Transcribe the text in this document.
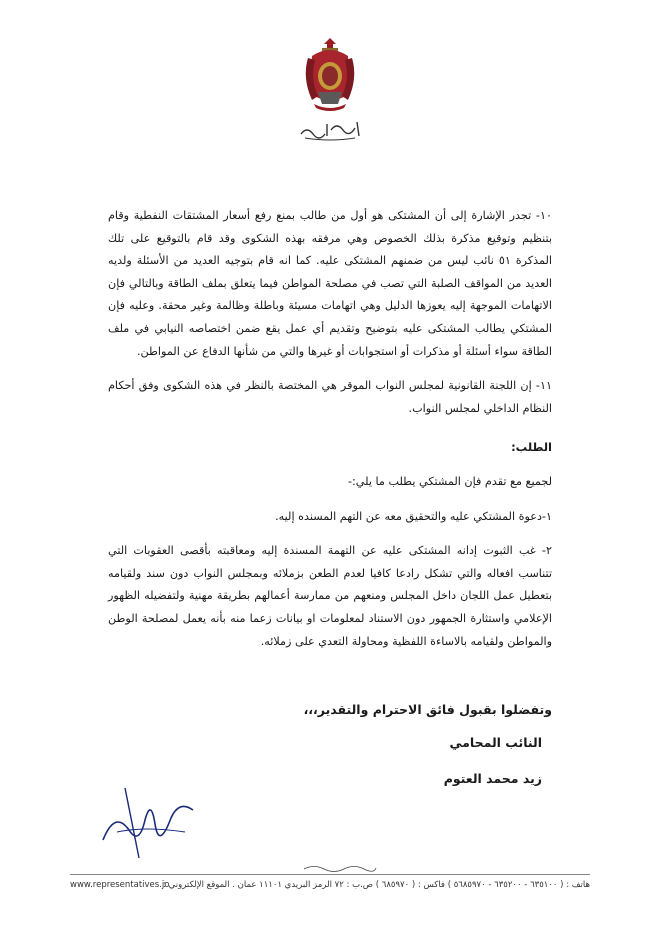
١٠- تجدر الإشارة إلى أن المشتكى هو أول من طالب بمنع رفع أسعار المشتقات النفطية وقام بتنظيم وتوقيع مذكرة بذلك الخصوص وهي مرفقه بهذه الشكوى وقد قام بالتوقيع على تلك المذكرة ٥١ نائب ليس من ضمنهم المشتكى عليه. كما انه قام بتوجيه العديد من الأسئلة ولديه العديد من المواقف الصلبة التي تصب في مصلحة المواطن فيما يتعلق بملف الطاقة وبالتالي فإن الاتهامات الموجهة إليه يعوزها الدليل وهي اتهامات مسيئة وباطلة وظالمة وغير محقة. وعليه فإن المشتكي يطالب المشتكى عليه بتوضيح وتقديم أي عمل يقع ضمن اختصاصه النيابي في ملف الطاقة سواء أسئلة أو مذكرات أو استجوابات أو غيرها والتي من شأنها الدفاع عن المواطن.

١١- إن اللجنة القانونية لمجلس النواب الموقر هي المختصة بالنظر في هذه الشكوى وفق أحكام النظام الداخلي لمجلس النواب.

الطلب:

لجميع مع تقدم فإن المشتكي يطلب ما يلي:-

١-دعوة المشتكي عليه والتحقيق معه عن التهم المسنده إليه.

٢- غب الثبوت إدانه المشتكى عليه عن التهمة المسندة إليه ومعاقبته بأقصى العقوبات التي تتناسب افعاله والتي تشكل رادعا كافيا لعدم الطعن بزملائه وبمجلس النواب دون سند ولقيامه بتعطيل عمل اللجان داخل المجلس ومنعهم من ممارسة أعمالهم بطريقة مهنية ولتفضيله الظهور الإعلامي واستثارة الجمهور دون الاستناد لمعلومات او بيانات زعما منه بأنه يعمل لمصلحة الوطن والمواطن ولقيامه بالاساءة اللفظية ومحاولة التعدي على زملائه.

وتفضلوا بقبول فائق الاحترام والتقدير،،،
النائب المحامي
زيد محمد العتوم
www.representatives.jo
هاتف : ( ٦٣٥١٠٠ - ٦٣٥٢٠٠ - ٥٦٨٥٩٧٠ ) فاكس : ( ٦٨٥٩٧٠ ) ص.ب : ٧٢ الرمز البريدي ١١١٠١ عمان . الموقع الإلكتروني :
